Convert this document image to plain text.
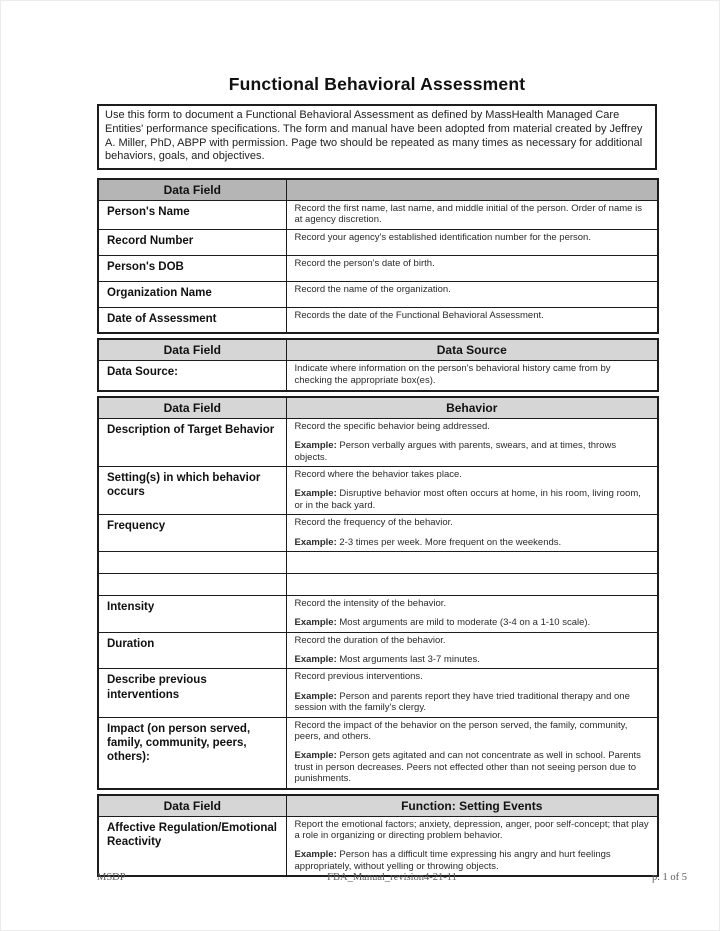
Functional Behavioral Assessment
Use this form to document a Functional Behavioral Assessment as defined by MassHealth Managed Care Entities' performance specifications. The form and manual have been adopted from material created by Jeffrey A. Miller, PhD, ABPP with permission. Page two should be repeated as many times as necessary for additional behaviors, goals, and objectives.
Data Field	
Person's Name	Record the first name, last name, and middle initial of the person. Order of name is at agency discretion.

Record Number	Record your agency's established identification number for the person.

Person's DOB	Record the person's date of birth.

Organization Name	Record the name of the organization.

Date of Assessment	Records the date of the Functional Behavioral Assessment.
Data Field	Data Source
Data Source:	Indicate where information on the person's behavioral history came from by checking the appropriate box(es).
Data Field	Behavior
Description of Target Behavior	Record the specific behavior being addressed.
Example: Person verbally argues with parents, swears, and at times, throws objects.

Setting(s) in which behavior occurs	Record where the behavior takes place.
Example: Disruptive behavior most often occurs at home, in his room, living room, or in the back yard.

Frequency	Record the frequency of the behavior.
Example: 2-3 times per week. More frequent on the weekends.

Intensity	Record the intensity of the behavior.
Example: Most arguments are mild to moderate (3-4 on a 1-10 scale).

Duration	Record the duration of the behavior.
Example: Most arguments last 3-7 minutes.

Describe previous interventions	Record previous interventions.
Example: Person and parents report they have tried traditional therapy and one session with the family's clergy.

Impact (on person served, family, community, peers, others):	Record the impact of the behavior on the person served, the family, community, peers, and others.
Example: Person gets agitated and can not concentrate as well in school. Parents trust in person decreases. Peers not effected other than not seeing person due to punishments.
Data Field	Function: Setting Events
Affective Regulation/Emotional Reactivity	Report the emotional factors; anxiety, depression, anger, poor self-concept; that play a role in organizing or directing problem behavior.
Example: Person has a difficult time expressing his angry and hurt feelings appropriately, without yelling or throwing objects.
MSDP	FBA_Manual_revision4-21-11	p. 1 of 5
